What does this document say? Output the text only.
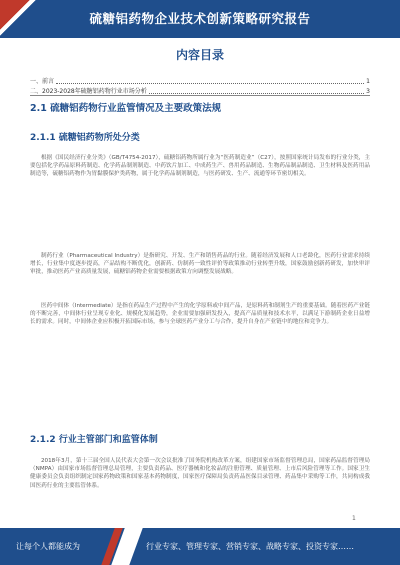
硫糖铝药物企业技术创新策略研究报告
内容目录
一、前言	1
二、2023-2028年硫糖铝药物行业市场分析	3
2.1 硫糖铝药物行业监管情况及主要政策法规
2.1.1 硫糖铝药物所处分类
根据《国民经济行业分类》（GB/T4754-2017），硫糖铝药物所属行业为“医药制造业”（C27），按照国家统计局发布的行业分类，主要包括化学药品原料药制造、化学药品制剂制造、中药饮片加工、中成药生产、兽用药品制造、生物药品制品制造、卫生材料及医药用品制造等，硫糖铝药物作为胃黏膜保护类药物，属于化学药品制剂制造，与医药研发、生产、流通等环节密切相关。
制药行业（Pharmaceutical Industry）是指研究、开发、生产和销售药品的行业。随着经济发展和人口老龄化，医药行业需求持续增长，行业集中度逐步提高，产品结构不断优化，创新药、仿制药一致性评价等政策推动行业转型升级，国家鼓励创新药研发，加快审评审批，推动医药产业高质量发展，硫糖铝药物企业需要根据政策方向调整发展战略。
医药中间体（Intermediate）是指在药品生产过程中产生的化学原料或中间产品，是原料药和制剂生产的重要基础。随着医药产业链的不断完善，中间体行业呈现专业化、规模化发展趋势，企业需要加强研发投入，提高产品质量和技术水平，以满足下游制药企业日益增长的需求。同时，中间体企业应积极开拓国际市场，参与全球医药产业分工与合作，提升自身在产业链中的地位和竞争力。
2.1.2 行业主管部门和监管体制
2018年3月，第十三届全国人民代表大会第一次会议批准了国务院机构改革方案，组建国家市场监督管理总局，国家药品监督管理局（NMPA）由国家市场监督管理总局管理，主要负责药品、医疗器械和化妆品的注册管理、质量管理、上市后风险管理等工作。国家卫生健康委员会负责组织制定国家药物政策和国家基本药物制度，国家医疗保障局负责药品医保目录管理、药品集中采购等工作，共同构成我国医药行业的主要监管体系。
1
让每个人都能成为	行业专家、管理专家、营销专家、战略专家、投资专家……
